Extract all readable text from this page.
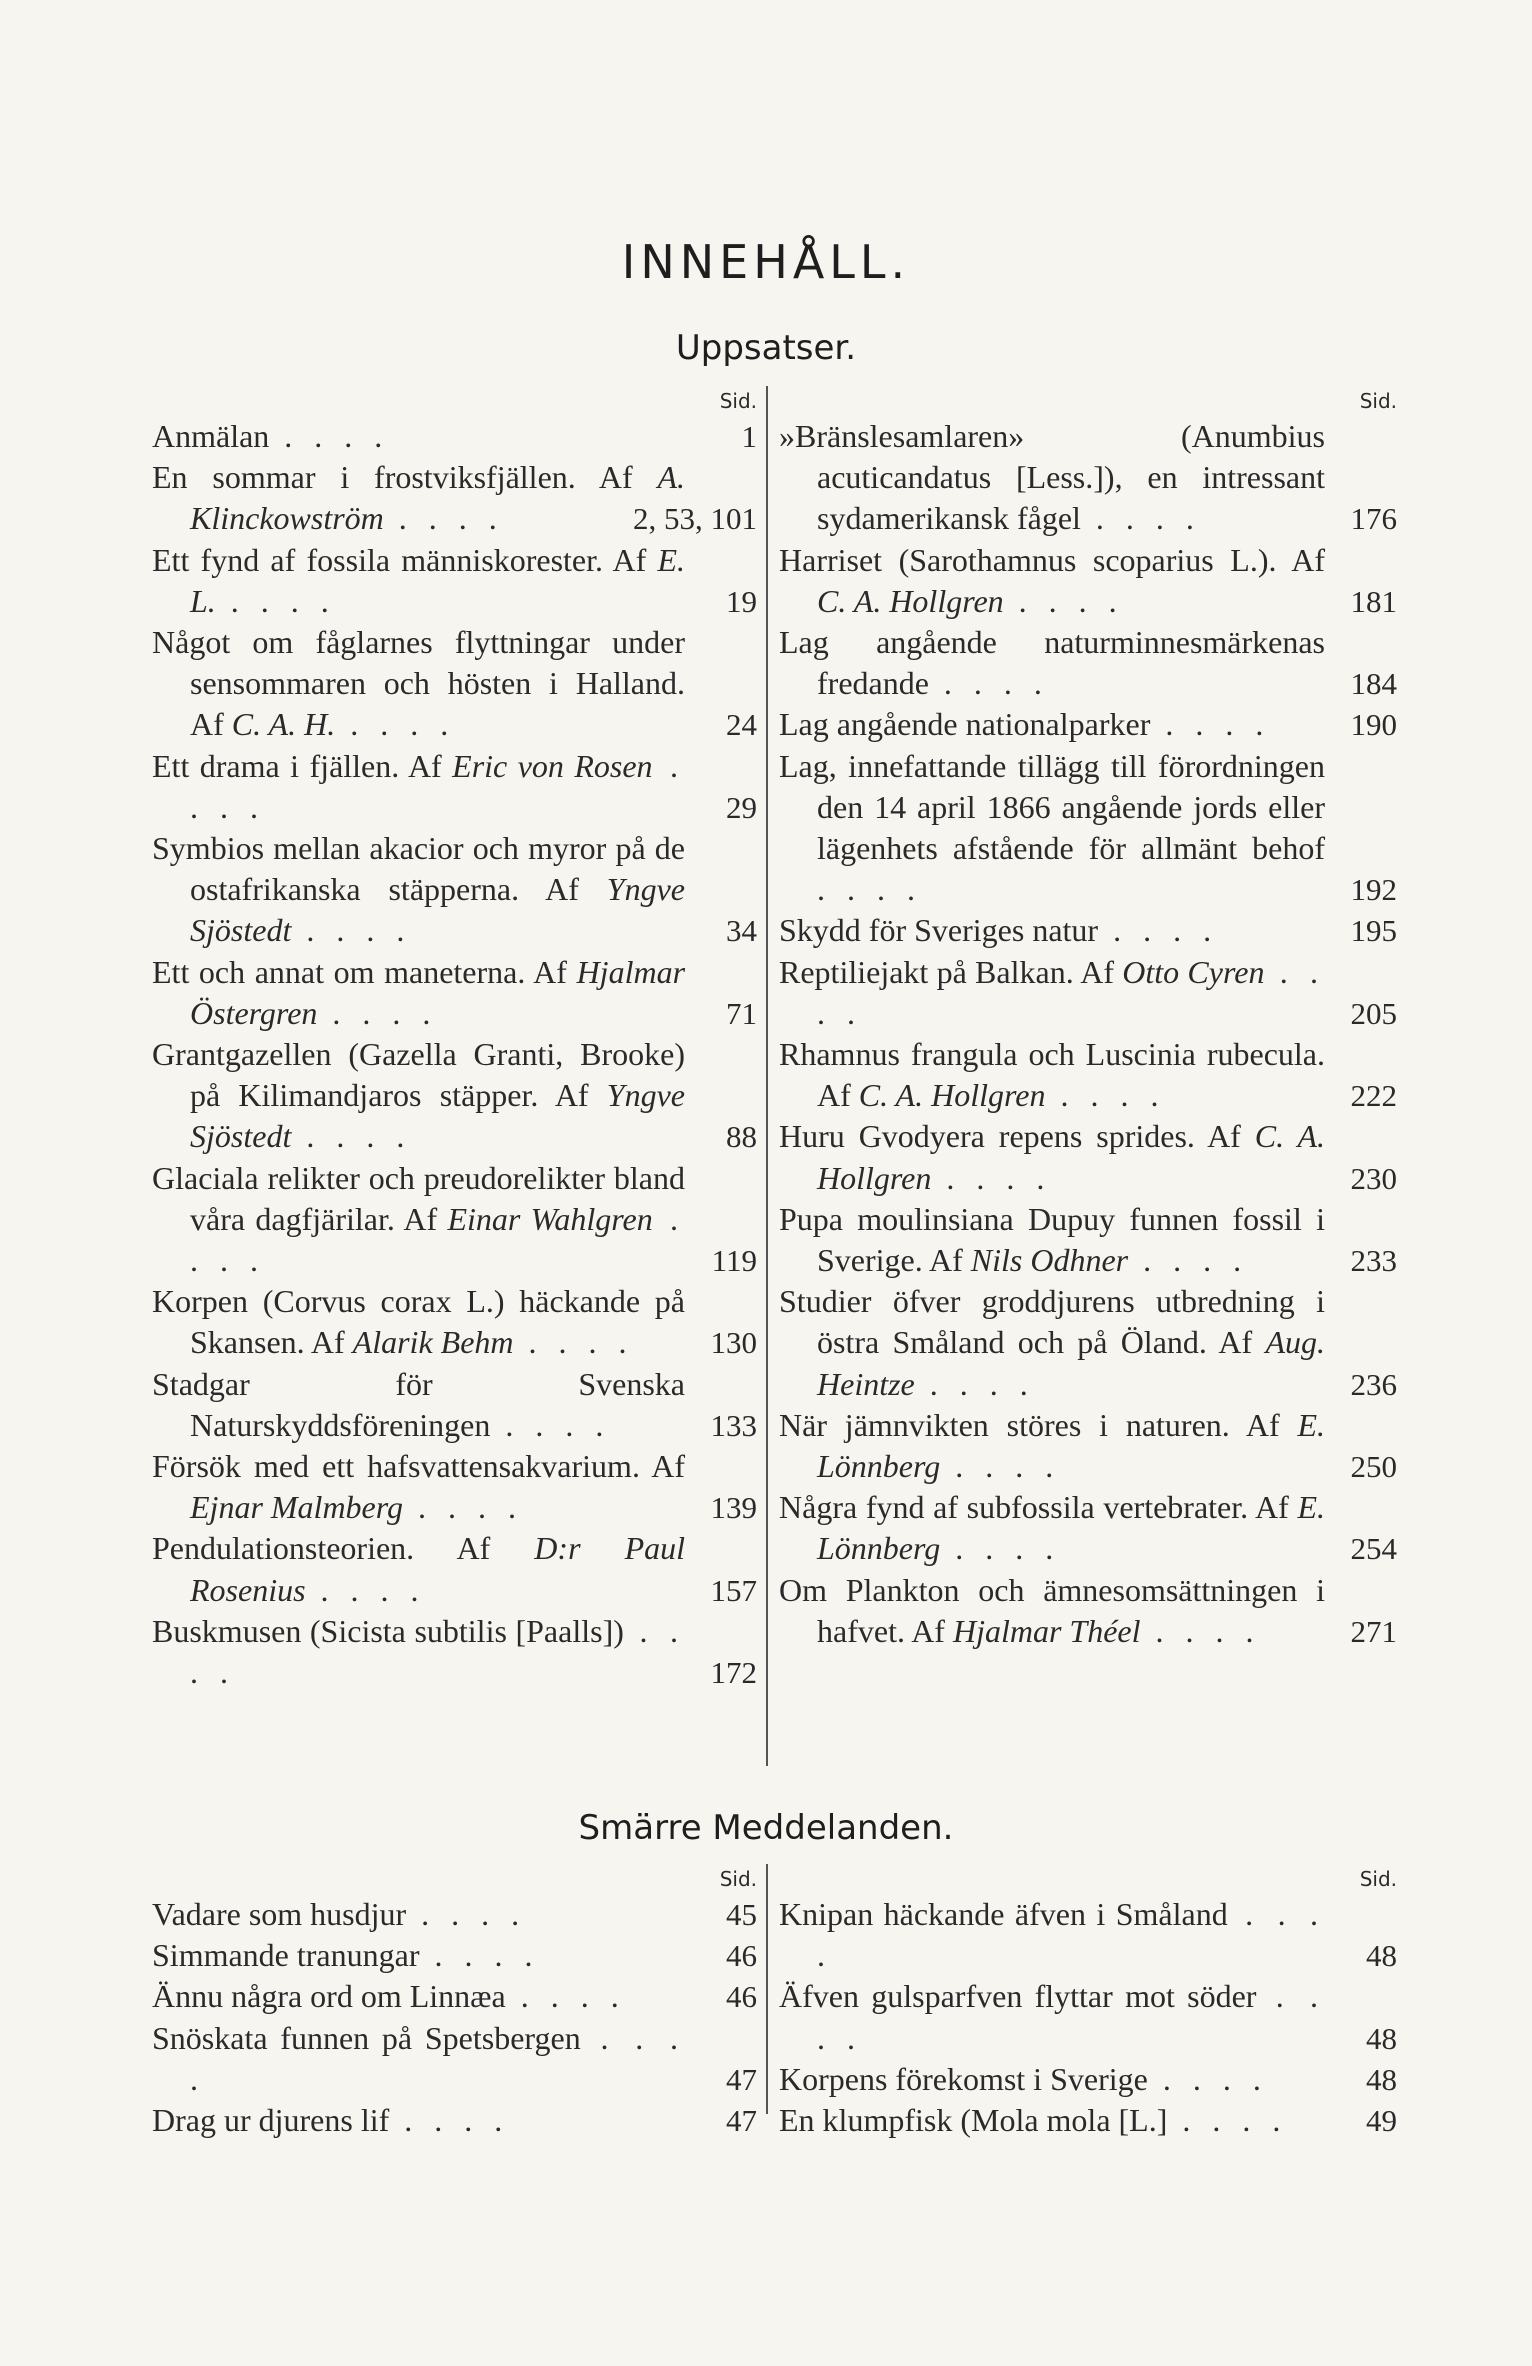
INNEHÅLL.
Uppsatser.
Sid.
Anmälan . . . .	1
En sommar i frostviksfjällen. Af A. Klinckowström . . . .	2, 53, 101
Ett fynd af fossila människorester. Af E. L. . . . .	19
Något om fåglarnes flyttningar under sensommaren och hösten i Halland. Af C. A. H. . . . .	24
Ett drama i fjällen. Af Eric von Rosen . . . .	29
Symbios mellan akacior och myror på de ostafrikanska stäpperna. Af Yngve Sjöstedt . . . .	34
Ett och annat om maneterna. Af Hjalmar Östergren . . . .	71
Grantgazellen (Gazella Granti, Brooke) på Kilimandjaros stäpper. Af Yngve Sjöstedt . . . .	88
Glaciala relikter och preudorelikter bland våra dagfjärilar. Af Einar Wahlgren . . . .	119
Korpen (Corvus corax L.) häckande på Skansen. Af Alarik Behm . . . .	130
Stadgar för Svenska Naturskyddsföreningen . . . .	133
Försök med ett hafsvattensakvarium. Af Ejnar Malmberg . . . .	139
Pendulationsteorien. Af D:r Paul Rosenius . . . .	157
Buskmusen (Sicista subtilis [Paalls]) . . . .	172
Sid.
»Bränslesamlaren» (Anumbius acuticandatus [Less.]), en intressant sydamerikansk fågel . . . .	176
Harriset (Sarothamnus scoparius L.). Af C. A. Hollgren . . . .	181
Lag angående naturminnesmärkenas fredande . . . .	184
Lag angående nationalparker . . . .	190
Lag, innefattande tillägg till förordningen den 14 april 1866 angående jords eller lägenhets afstående för allmänt behof . . . .	192
Skydd för Sveriges natur . . . .	195
Reptiliejakt på Balkan. Af Otto Cyren . . . .	205
Rhamnus frangula och Luscinia rubecula. Af C. A. Hollgren . . . .	222
Huru Gvodyera repens sprides. Af C. A. Hollgren . . . .	230
Pupa moulinsiana Dupuy funnen fossil i Sverige. Af Nils Odhner . . . .	233
Studier öfver groddjurens utbredning i östra Småland och på Öland. Af Aug. Heintze . . . .	236
När jämnvikten störes i naturen. Af E. Lönnberg . . . .	250
Några fynd af subfossila vertebrater. Af E. Lönnberg . . . .	254
Om Plankton och ämnesomsättningen i hafvet. Af Hjalmar Théel . . . .	271
Smärre Meddelanden.
Sid.
Vadare som husdjur . . . .	45
Simmande tranungar . . . .	46
Ännu några ord om Linnæa . . . .	46
Snöskata funnen på Spetsbergen . . . .	47
Drag ur djurens lif . . . .	47
Sid.
Knipan häckande äfven i Småland . . . .	48
Äfven gulsparfven flyttar mot söder . . . .	48
Korpens förekomst i Sverige . . . .	48
En klumpfisk (Mola mola [L.] . . . .	49
